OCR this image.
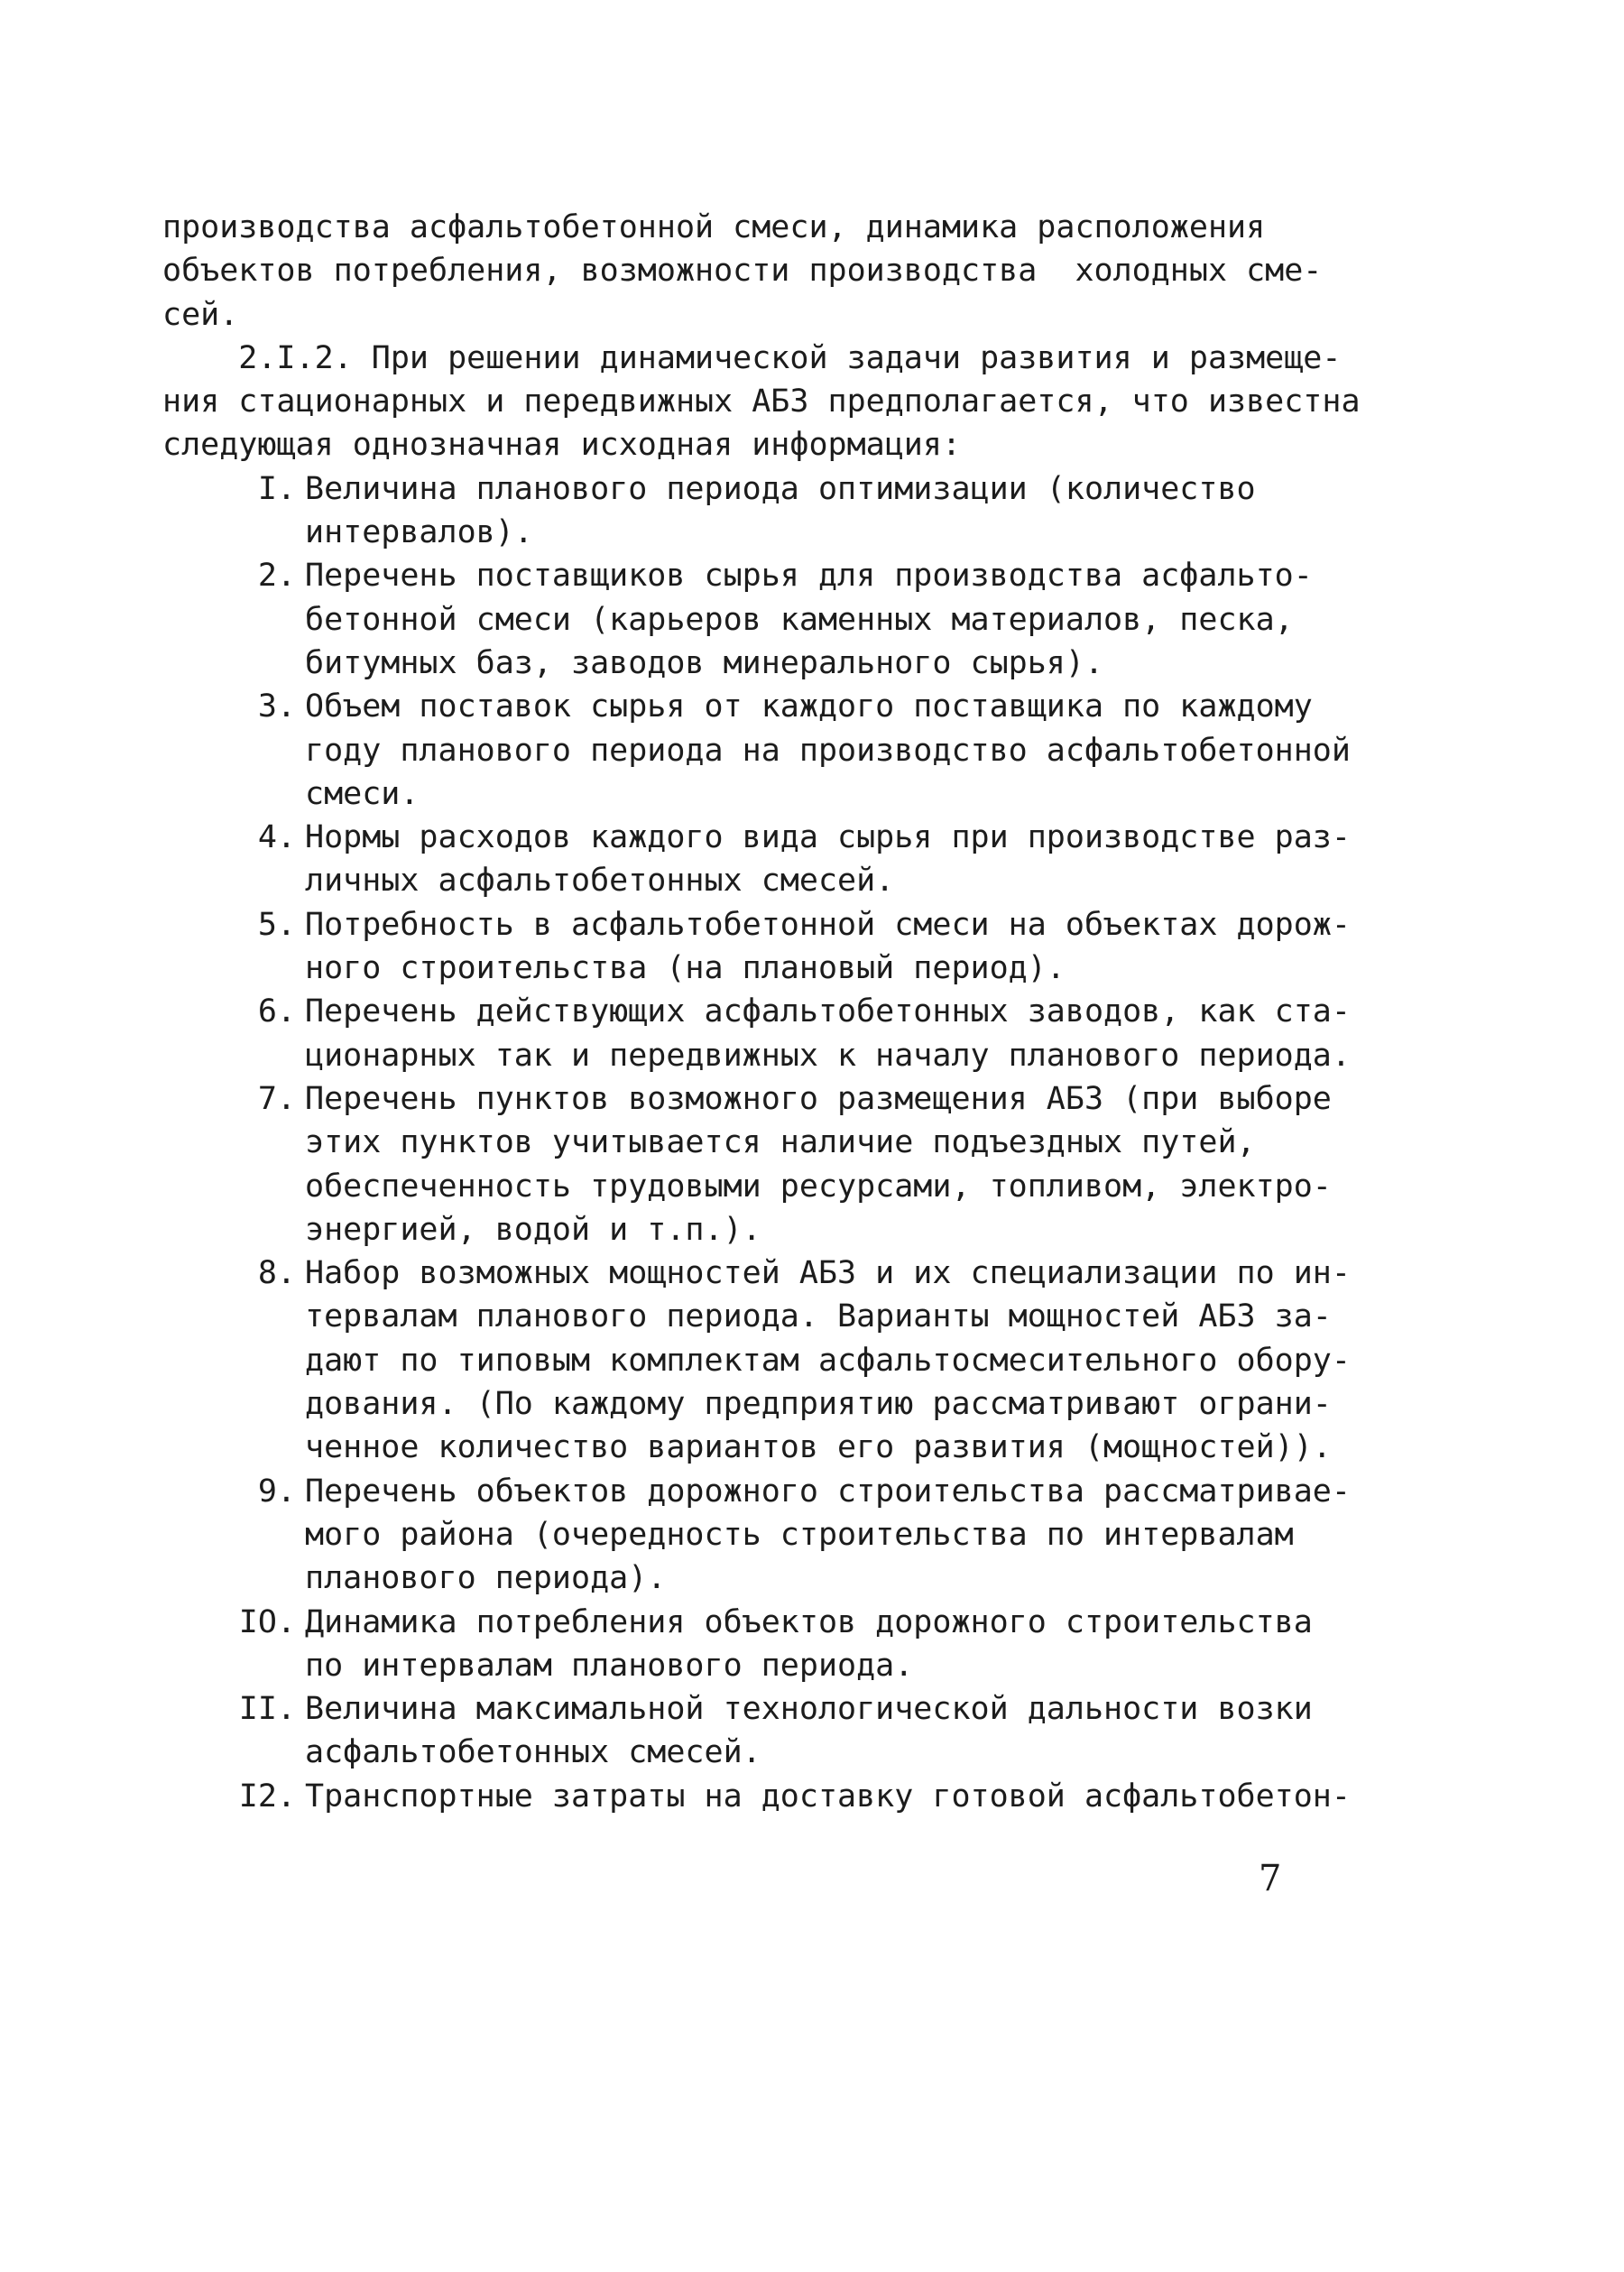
производства асфальтобетонной смеси, динамика расположения
объектов потребления, возможности производства  холодных сме-
сей.
2.I.2. При решении динамической задачи развития и размеще-
ния стационарных и передвижных АБЗ предполагается, что известна
следующая однозначная исходная информация:
I. Величина планового периода оптимизации (количество
интервалов).
2. Перечень поставщиков сырья для производства асфальто-
бетонной смеси (карьеров каменных материалов, песка,
битумных баз, заводов минерального сырья).
3. Объем поставок сырья от каждого поставщика по каждому
году планового периода на производство асфальтобетонной
смеси.
4. Нормы расходов каждого вида сырья при производстве раз-
личных асфальтобетонных смесей.
5. Потребность в асфальтобетонной смеси на объектах дорож-
ного строительства (на плановый период).
6. Перечень действующих асфальтобетонных заводов, как ста-
ционарных так и передвижных к началу планового периода.
7. Перечень пунктов возможного размещения АБЗ (при выборе
этих пунктов учитывается наличие подъездных путей,
обеспеченность трудовыми ресурсами, топливом, электро-
энергией, водой и т.п.).
8. Набор возможных мощностей АБЗ и их специализации по ин-
тервалам планового периода. Варианты мощностей АБЗ за-
дают по типовым комплектам асфальтосмесительного обору-
дования. (По каждому предприятию рассматривают ограни-
ченное количество вариантов его развития (мощностей)).
9. Перечень объектов дорожного строительства рассматривае-
мого района (очередность строительства по интервалам
планового периода).
IO. Динамика потребления объектов дорожного строительства
по интервалам планового периода.
II. Величина максимальной технологической дальности возки
асфальтобетонных смесей.
I2. Транспортные затраты на доставку готовой асфальтобетон-
7
